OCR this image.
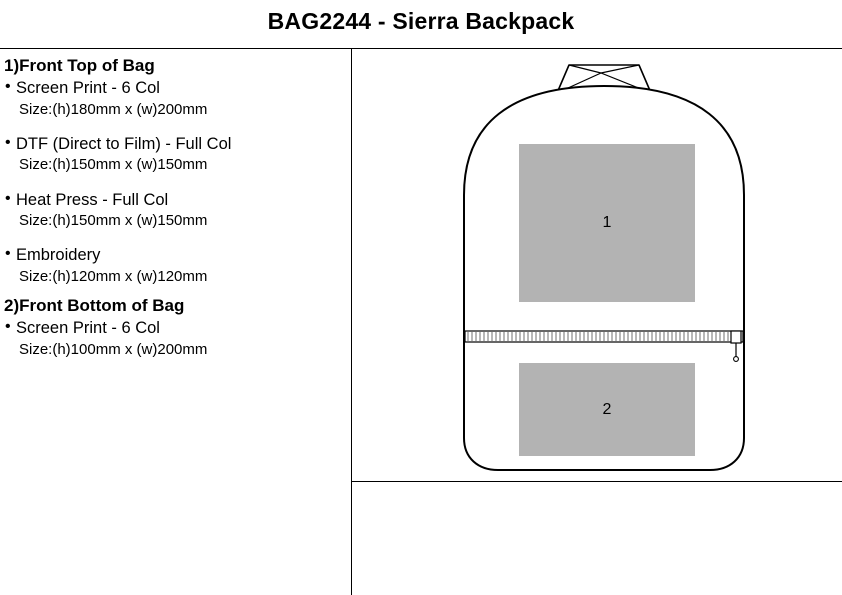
BAG2244 - Sierra Backpack
1)Front Top of Bag
• Screen Print - 6 Col
Size:(h)180mm x (w)200mm
• DTF (Direct to Film) - Full Col
Size:(h)150mm x (w)150mm
• Heat Press - Full Col
Size:(h)150mm x (w)150mm
• Embroidery
Size:(h)120mm x (w)120mm
2)Front Bottom of Bag
• Screen Print - 6 Col
Size:(h)100mm x (w)200mm
1
2
